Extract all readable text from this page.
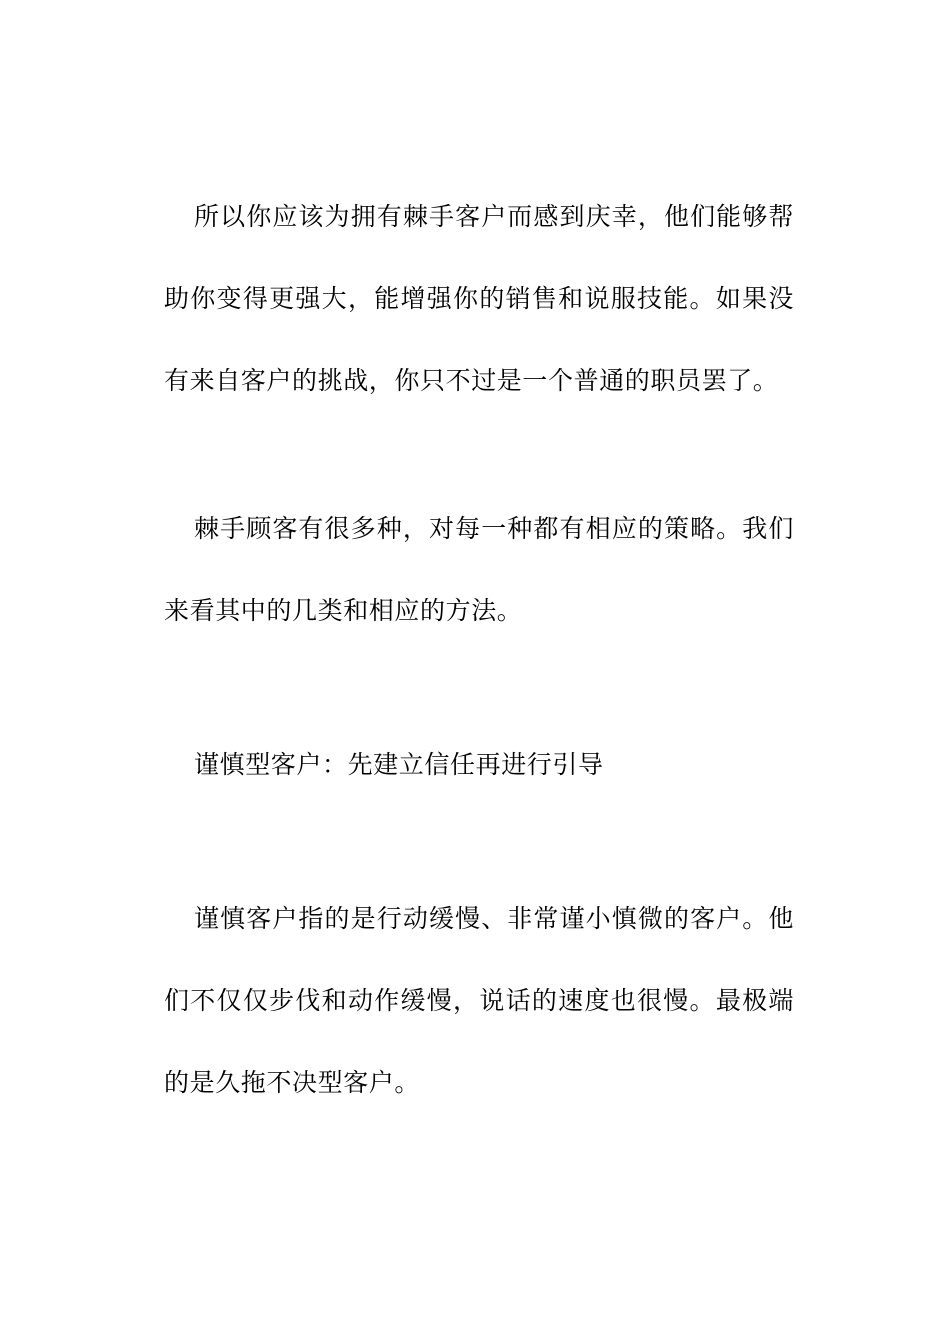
所以你应该为拥有棘手客户而感到庆幸，他们能够帮助你变得更强大，能增强你的销售和说服技能。如果没有来自客户的挑战，你只不过是一个普通的职员罢了。

棘手顾客有很多种，对每一种都有相应的策略。我们来看其中的几类和相应的方法。

谨慎型客户：先建立信任再进行引导

谨慎客户指的是行动缓慢、非常谨小慎微的客户。他们不仅仅步伐和动作缓慢，说话的速度也很慢。最极端的是久拖不决型客户。
